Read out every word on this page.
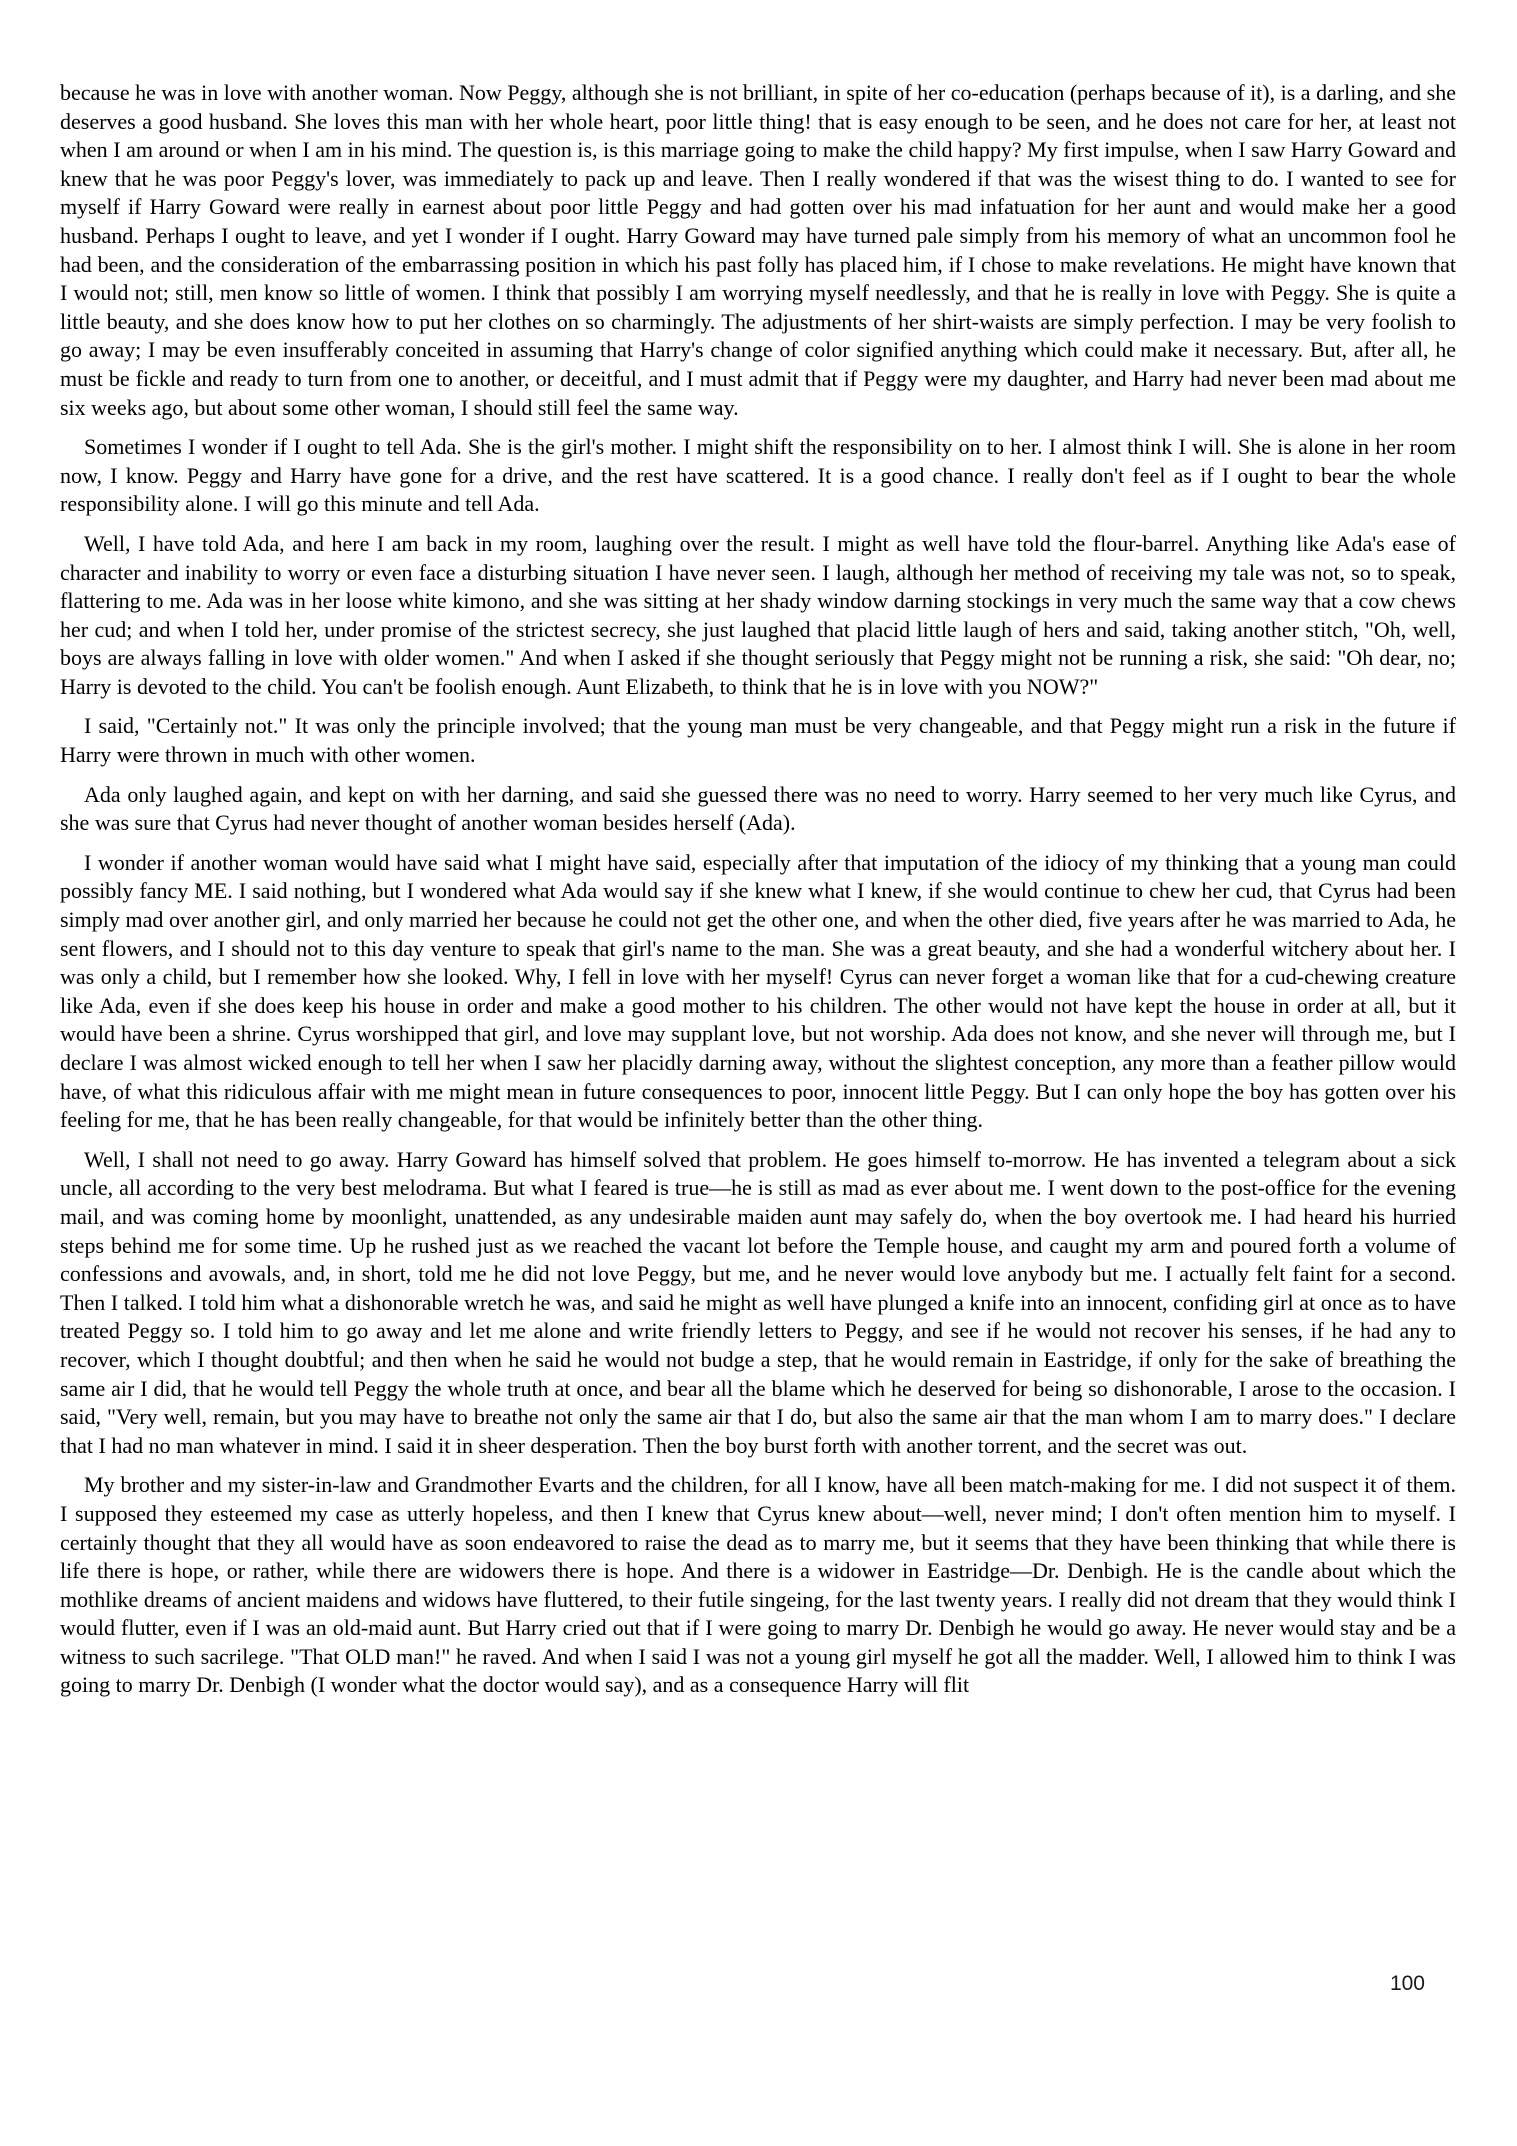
because he was in love with another woman. Now Peggy, although she is not brilliant, in spite of her co-education (perhaps because of it), is a darling, and she deserves a good husband. She loves this man with her whole heart, poor little thing! that is easy enough to be seen, and he does not care for her, at least not when I am around or when I am in his mind. The question is, is this marriage going to make the child happy? My first impulse, when I saw Harry Goward and knew that he was poor Peggy's lover, was immediately to pack up and leave. Then I really wondered if that was the wisest thing to do. I wanted to see for myself if Harry Goward were really in earnest about poor little Peggy and had gotten over his mad infatuation for her aunt and would make her a good husband. Perhaps I ought to leave, and yet I wonder if I ought. Harry Goward may have turned pale simply from his memory of what an uncommon fool he had been, and the consideration of the embarrassing position in which his past folly has placed him, if I chose to make revelations. He might have known that I would not; still, men know so little of women. I think that possibly I am worrying myself needlessly, and that he is really in love with Peggy. She is quite a little beauty, and she does know how to put her clothes on so charmingly. The adjustments of her shirt-waists are simply perfection. I may be very foolish to go away; I may be even insufferably conceited in assuming that Harry's change of color signified anything which could make it necessary. But, after all, he must be fickle and ready to turn from one to another, or deceitful, and I must admit that if Peggy were my daughter, and Harry had never been mad about me six weeks ago, but about some other woman, I should still feel the same way.

Sometimes I wonder if I ought to tell Ada. She is the girl's mother. I might shift the responsibility on to her. I almost think I will. She is alone in her room now, I know. Peggy and Harry have gone for a drive, and the rest have scattered. It is a good chance. I really don't feel as if I ought to bear the whole responsibility alone. I will go this minute and tell Ada.

Well, I have told Ada, and here I am back in my room, laughing over the result. I might as well have told the flour-barrel. Anything like Ada's ease of character and inability to worry or even face a disturbing situation I have never seen. I laugh, although her method of receiving my tale was not, so to speak, flattering to me. Ada was in her loose white kimono, and she was sitting at her shady window darning stockings in very much the same way that a cow chews her cud; and when I told her, under promise of the strictest secrecy, she just laughed that placid little laugh of hers and said, taking another stitch, "Oh, well, boys are always falling in love with older women." And when I asked if she thought seriously that Peggy might not be running a risk, she said: "Oh dear, no; Harry is devoted to the child. You can't be foolish enough. Aunt Elizabeth, to think that he is in love with you NOW?"

I said, "Certainly not." It was only the principle involved; that the young man must be very changeable, and that Peggy might run a risk in the future if Harry were thrown in much with other women.

Ada only laughed again, and kept on with her darning, and said she guessed there was no need to worry. Harry seemed to her very much like Cyrus, and she was sure that Cyrus had never thought of another woman besides herself (Ada).

I wonder if another woman would have said what I might have said, especially after that imputation of the idiocy of my thinking that a young man could possibly fancy ME. I said nothing, but I wondered what Ada would say if she knew what I knew, if she would continue to chew her cud, that Cyrus had been simply mad over another girl, and only married her because he could not get the other one, and when the other died, five years after he was married to Ada, he sent flowers, and I should not to this day venture to speak that girl's name to the man. She was a great beauty, and she had a wonderful witchery about her. I was only a child, but I remember how she looked. Why, I fell in love with her myself! Cyrus can never forget a woman like that for a cud-chewing creature like Ada, even if she does keep his house in order and make a good mother to his children. The other would not have kept the house in order at all, but it would have been a shrine. Cyrus worshipped that girl, and love may supplant love, but not worship. Ada does not know, and she never will through me, but I declare I was almost wicked enough to tell her when I saw her placidly darning away, without the slightest conception, any more than a feather pillow would have, of what this ridiculous affair with me might mean in future consequences to poor, innocent little Peggy. But I can only hope the boy has gotten over his feeling for me, that he has been really changeable, for that would be infinitely better than the other thing.

Well, I shall not need to go away. Harry Goward has himself solved that problem. He goes himself to-morrow. He has invented a telegram about a sick uncle, all according to the very best melodrama. But what I feared is true—he is still as mad as ever about me. I went down to the post-office for the evening mail, and was coming home by moonlight, unattended, as any undesirable maiden aunt may safely do, when the boy overtook me. I had heard his hurried steps behind me for some time. Up he rushed just as we reached the vacant lot before the Temple house, and caught my arm and poured forth a volume of confessions and avowals, and, in short, told me he did not love Peggy, but me, and he never would love anybody but me. I actually felt faint for a second. Then I talked. I told him what a dishonorable wretch he was, and said he might as well have plunged a knife into an innocent, confiding girl at once as to have treated Peggy so. I told him to go away and let me alone and write friendly letters to Peggy, and see if he would not recover his senses, if he had any to recover, which I thought doubtful; and then when he said he would not budge a step, that he would remain in Eastridge, if only for the sake of breathing the same air I did, that he would tell Peggy the whole truth at once, and bear all the blame which he deserved for being so dishonorable, I arose to the occasion. I said, "Very well, remain, but you may have to breathe not only the same air that I do, but also the same air that the man whom I am to marry does." I declare that I had no man whatever in mind. I said it in sheer desperation. Then the boy burst forth with another torrent, and the secret was out.

My brother and my sister-in-law and Grandmother Evarts and the children, for all I know, have all been match-making for me. I did not suspect it of them. I supposed they esteemed my case as utterly hopeless, and then I knew that Cyrus knew about—well, never mind; I don't often mention him to myself. I certainly thought that they all would have as soon endeavored to raise the dead as to marry me, but it seems that they have been thinking that while there is life there is hope, or rather, while there are widowers there is hope. And there is a widower in Eastridge—Dr. Denbigh. He is the candle about which the mothlike dreams of ancient maidens and widows have fluttered, to their futile singeing, for the last twenty years. I really did not dream that they would think I would flutter, even if I was an old-maid aunt. But Harry cried out that if I were going to marry Dr. Denbigh he would go away. He never would stay and be a witness to such sacrilege. "That OLD man!" he raved. And when I said I was not a young girl myself he got all the madder. Well, I allowed him to think I was going to marry Dr. Denbigh (I wonder what the doctor would say), and as a consequence Harry will flit

100
